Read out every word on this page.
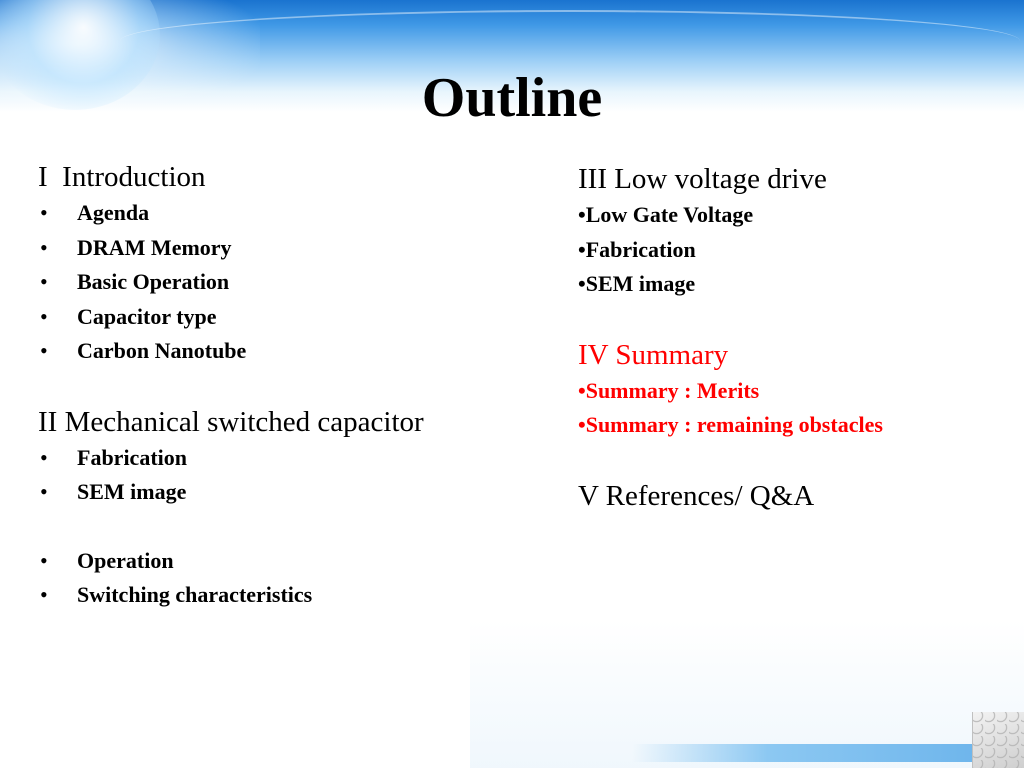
Outline
I  Introduction
•	Agenda
•	DRAM Memory
•	Basic Operation
•	Capacitor type
•	Carbon Nanotube
II Mechanical switched capacitor
•	Fabrication
•	SEM image
•	Operation
•	Switching characteristics
III Low voltage drive
• Low Gate Voltage
• Fabrication
• SEM image
IV Summary
• Summary : Merits
• Summary : remaining obstacles
V References/ Q&A
